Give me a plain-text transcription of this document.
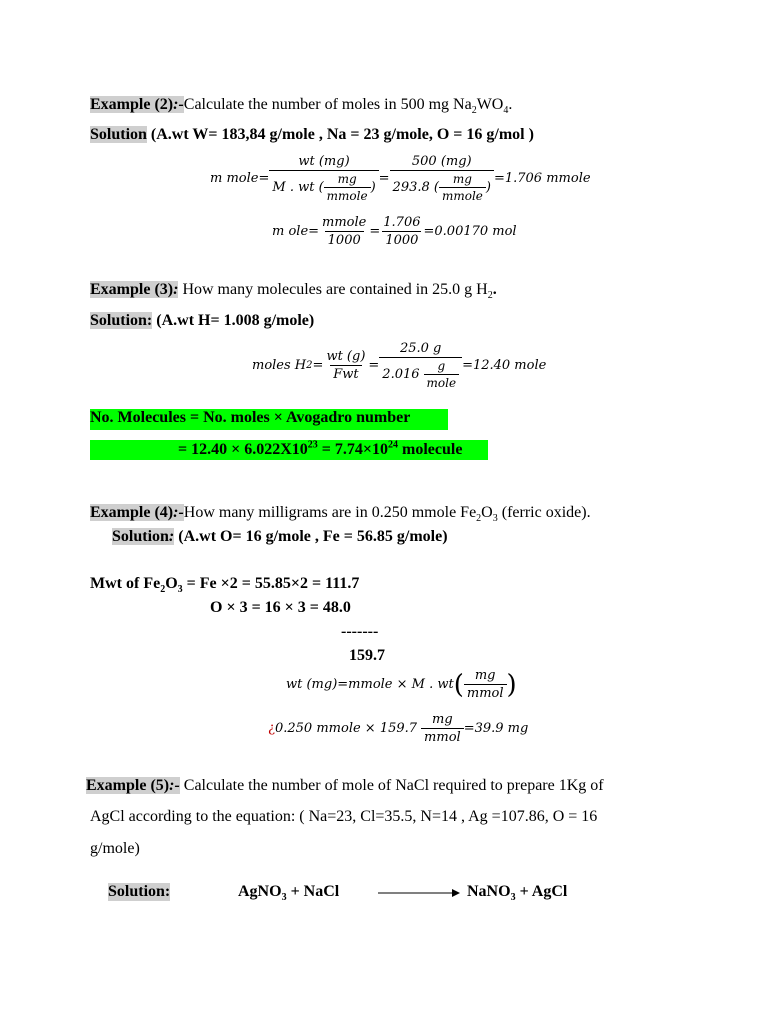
Example (2):-Calculate the number of moles in 500 mg $Na_2WO_4$.
Solution (A.wt W= 183,84 g/mole , Na = 23 g/mole, O = 16 g/mol )
m mole = $\frac{wt (mg)}{M . wt ( \frac{mg}{\text{mmole}} )} = \frac{500 (mg)}{293.8 ( \frac{mg}{\text{mmole}} )} =1.706$ mmole
m $ole= \frac{\text{mmole}}{1000} = \frac{1.706}{1000} =0.00170$ mol
Example (3): How many molecules are contained in 25.0 g $H_2$.
Solution: (A.wt H= 1.008 g/mole)
moles H $2 = \frac{wt (g)}{\text{Fwt}} = \frac{25.0 g}{2.016 \frac{g}{\text{mole}}} =12.40$ mole
No. Molecules = No. moles × Avogadro number
= $12.40 \times 6.022X10^{23} = 7.74\times 10^{24}$ molecule
Example (4):-How many milligrams are in 0.250 mmole $Fe_2O_3$ (ferric oxide).
Solution: (A.wt O= 16 g/mole , Fe = 56.85 g/mole)
Mwt of $Fe_2O_3 = Fe \times 2 = 55.85\times 2 = 111.7$
O × 3 = 16 × 3 = 48.0
-------
159.7
wt (mg)=mmole × M . wt ( $\frac{mg}{\text{mmol}}$ )
¿ 0.250 mmole × $159.7 \frac{mg}{\text{mmol}} =39.9$ mg
Example (5):- Calculate the number of mole of NaCl required to prepare 1Kg of
AgCl according to the equation: ( Na=23, Cl=35.5, N=14 , Ag =107.86, O = 16
g/mole)
Solution:	AgNO$_3$ + NaCl	NaNO$_3$ + AgCl
